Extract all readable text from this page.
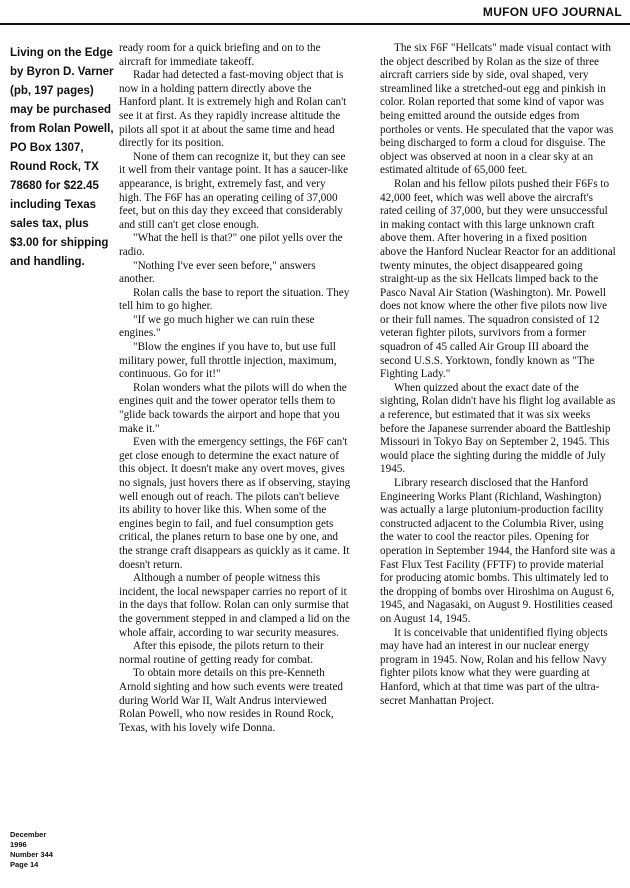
MUFON UFO JOURNAL
Living on the Edge by Byron D. Varner (pb, 197 pages) may be purchased from Rolan Powell, PO Box 1307, Round Rock, TX 78680 for $22.45 including Texas sales tax, plus $3.00 for shipping and handling.
December
1996
Number 344
Page 14

ready room for a quick briefing and on to the aircraft for immediate takeoff.

Radar had detected a fast-moving object that is now in a holding pattern directly above the Hanford plant. It is extremely high and Rolan can't see it at first. As they rapidly increase altitude the pilots all spot it at about the same time and head directly for its position.

None of them can recognize it, but they can see it well from their vantage point. It has a saucer-like appearance, is bright, extremely fast, and very high. The F6F has an operating ceiling of 37,000 feet, but on this day they exceed that considerably and still can't get close enough.

"What the hell is that?" one pilot yells over the radio.

"Nothing I've ever seen before," answers another.

Rolan calls the base to report the situation. They tell him to go higher.

"If we go much higher we can ruin these engines."

"Blow the engines if you have to, but use full military power, full throttle injection, maximum, continuous. Go for it!"

Rolan wonders what the pilots will do when the engines quit and the tower operator tells them to "glide back towards the airport and hope that you make it."

Even with the emergency settings, the F6F can't get close enough to determine the exact nature of this object. It doesn't make any overt moves, gives no signals, just hovers there as if observing, staying well enough out of reach. The pilots can't believe its ability to hover like this. When some of the engines begin to fail, and fuel consumption gets critical, the planes return to base one by one, and the strange craft disappears as quickly as it came. It doesn't return.

Although a number of people witness this incident, the local newspaper carries no report of it in the days that follow. Rolan can only surmise that the government stepped in and clamped a lid on the whole affair, according to war security measures.

After this episode, the pilots return to their normal routine of getting ready for combat.

To obtain more details on this pre-Kenneth Arnold sighting and how such events were treated during World War II, Walt Andrus interviewed Rolan Powell, who now resides in Round Rock, Texas, with his lovely wife Donna.

The six F6F "Hellcats" made visual contact with the object described by Rolan as the size of three aircraft carriers side by side, oval shaped, very streamlined like a stretched-out egg and pinkish in color. Rolan reported that some kind of vapor was being emitted around the outside edges from portholes or vents. He speculated that the vapor was being discharged to form a cloud for disguise. The object was observed at noon in a clear sky at an estimated altitude of 65,000 feet.

Rolan and his fellow pilots pushed their F6Fs to 42,000 feet, which was well above the aircraft's rated ceiling of 37,000, but they were unsuccessful in making contact with this large unknown craft above them. After hovering in a fixed position above the Hanford Nuclear Reactor for an additional twenty minutes, the object disappeared going straight-up as the six Hellcats limped back to the Pasco Naval Air Station (Washington). Mr. Powell does not know where the other five pilots now live or their full names. The squadron consisted of 12 veteran fighter pilots, survivors from a former squadron of 45 called Air Group III aboard the second U.S.S. Yorktown, fondly known as "The Fighting Lady."

When quizzed about the exact date of the sighting, Rolan didn't have his flight log available as a reference, but estimated that it was six weeks before the Japanese surrender aboard the Battleship Missouri in Tokyo Bay on September 2, 1945. This would place the sighting during the middle of July 1945.

Library research disclosed that the Hanford Engineering Works Plant (Richland, Washington) was actually a large plutonium-production facility constructed adjacent to the Columbia River, using the water to cool the reactor piles. Opening for operation in September 1944, the Hanford site was a Fast Flux Test Facility (FFTF) to provide material for producing atomic bombs. This ultimately led to the dropping of bombs over Hiroshima on August 6, 1945, and Nagasaki, on August 9. Hostilities ceased on August 14, 1945.

It is conceivable that unidentified flying objects may have had an interest in our nuclear energy program in 1945. Now, Rolan and his fellow Navy fighter pilots know what they were guarding at Hanford, which at that time was part of the ultra-secret Manhattan Project.
